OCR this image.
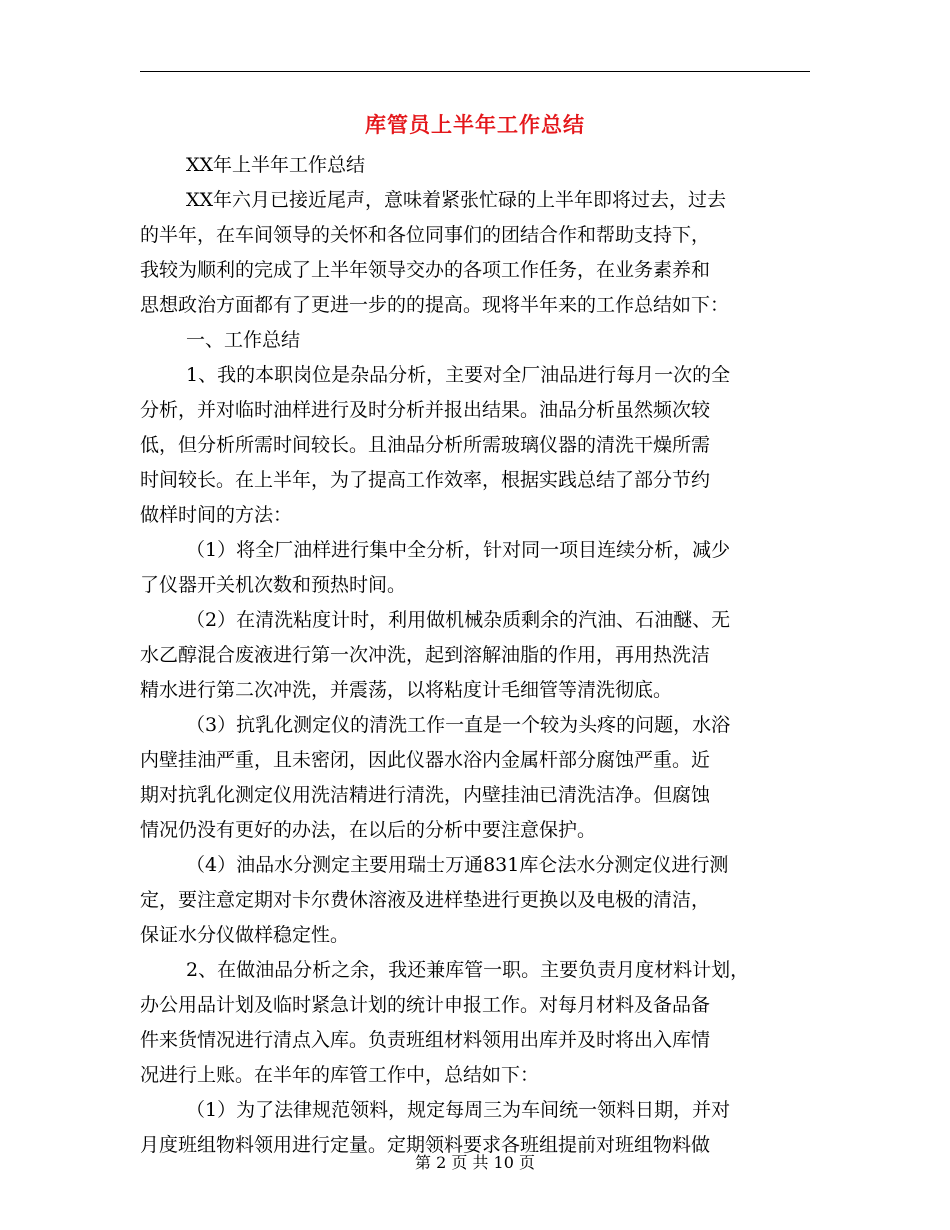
库管员上半年工作总结
XX年上半年工作总结
XX年六月已接近尾声，意味着紧张忙碌的上半年即将过去，过去
的半年，在车间领导的关怀和各位同事们的团结合作和帮助支持下，
我较为顺利的完成了上半年领导交办的各项工作任务，在业务素养和
思想政治方面都有了更进一步的的提高。现将半年来的工作总结如下：
一、工作总结
1、我的本职岗位是杂品分析，主要对全厂油品进行每月一次的全
分析，并对临时油样进行及时分析并报出结果。油品分析虽然频次较
低，但分析所需时间较长。且油品分析所需玻璃仪器的清洗干燥所需
时间较长。在上半年，为了提高工作效率，根据实践总结了部分节约
做样时间的方法：
（1）将全厂油样进行集中全分析，针对同一项目连续分析，减少
了仪器开关机次数和预热时间。
（2）在清洗粘度计时，利用做机械杂质剩余的汽油、石油醚、无
水乙醇混合废液进行第一次冲洗，起到溶解油脂的作用，再用热洗洁
精水进行第二次冲洗，并震荡，以将粘度计毛细管等清洗彻底。
（3）抗乳化测定仪的清洗工作一直是一个较为头疼的问题，水浴
内壁挂油严重，且未密闭，因此仪器水浴内金属杆部分腐蚀严重。近
期对抗乳化测定仪用洗洁精进行清洗，内壁挂油已清洗洁净。但腐蚀
情况仍没有更好的办法，在以后的分析中要注意保护。
（4）油品水分测定主要用瑞士万通831库仑法水分测定仪进行测
定，要注意定期对卡尔费休溶液及进样垫进行更换以及电极的清洁，
保证水分仪做样稳定性。
2、在做油品分析之余，我还兼库管一职。主要负责月度材料计划，
办公用品计划及临时紧急计划的统计申报工作。对每月材料及备品备
件来货情况进行清点入库。负责班组材料领用出库并及时将出入库情
况进行上账。在半年的库管工作中，总结如下：
（1）为了法律规范领料，规定每周三为车间统一领料日期，并对
月度班组物料领用进行定量。定期领料要求各班组提前对班组物料做
第 2 页 共 10 页
